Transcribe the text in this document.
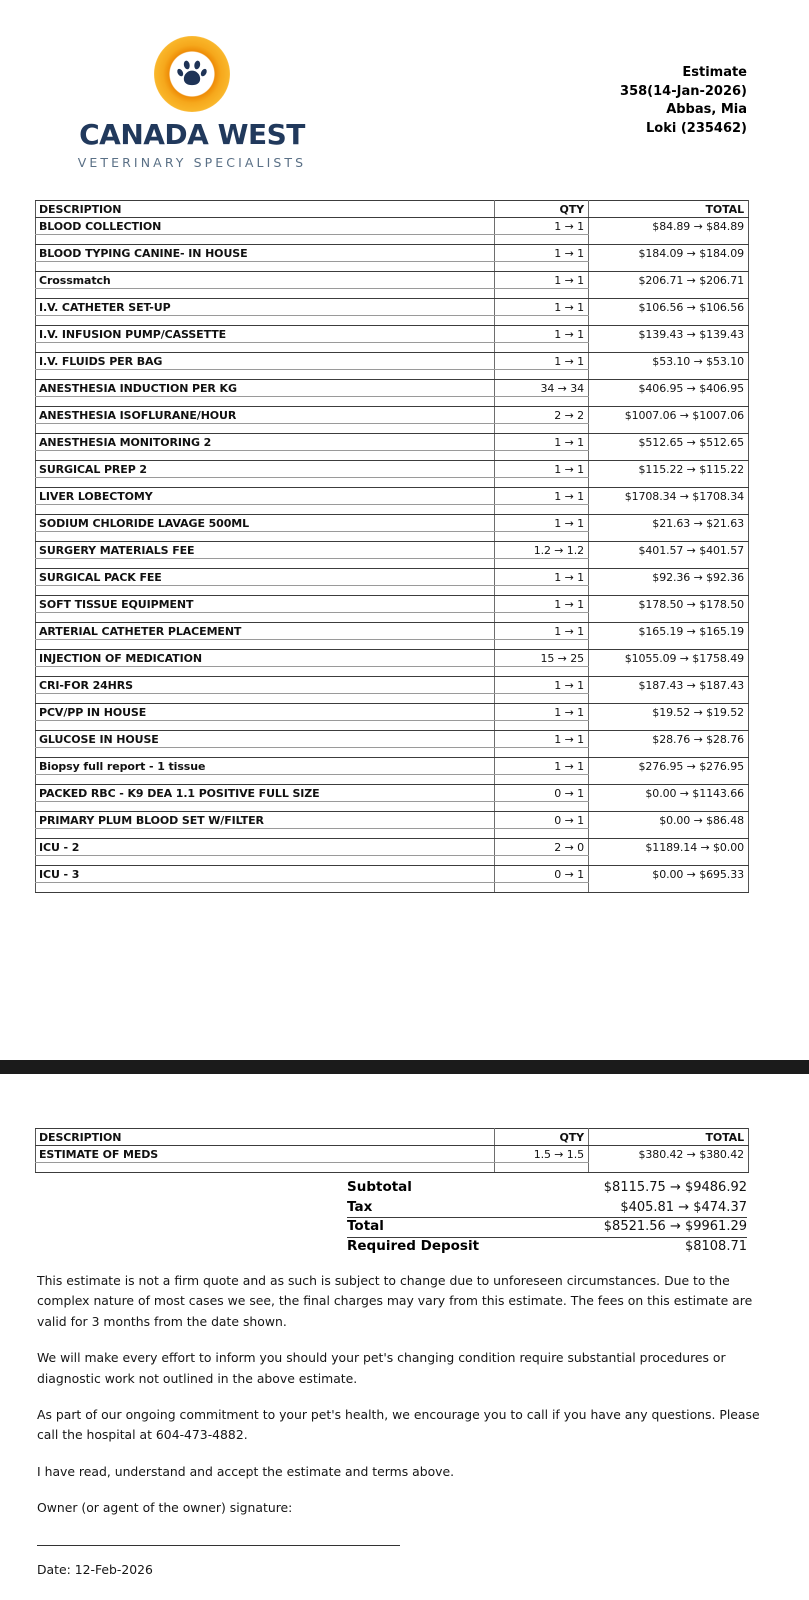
CANADA WEST
VETERINARY SPECIALISTS
Estimate
358(14-Jan-2026)
Abbas, Mia
Loki (235462)
DESCRIPTION	QTY	TOTAL
BLOOD COLLECTION	1 → 1	$84.89 → $84.89

BLOOD TYPING CANINE- IN HOUSE	1 → 1	$184.09 → $184.09

Crossmatch	1 → 1	$206.71 → $206.71

I.V. CATHETER SET-UP	1 → 1	$106.56 → $106.56

I.V. INFUSION PUMP/CASSETTE	1 → 1	$139.43 → $139.43

I.V. FLUIDS PER BAG	1 → 1	$53.10 → $53.10

ANESTHESIA INDUCTION PER KG	34 → 34	$406.95 → $406.95

ANESTHESIA ISOFLURANE/HOUR	2 → 2	$1007.06 → $1007.06

ANESTHESIA MONITORING 2	1 → 1	$512.65 → $512.65

SURGICAL PREP 2	1 → 1	$115.22 → $115.22

LIVER LOBECTOMY	1 → 1	$1708.34 → $1708.34

SODIUM CHLORIDE LAVAGE 500ML	1 → 1	$21.63 → $21.63

SURGERY MATERIALS FEE	1.2 → 1.2	$401.57 → $401.57

SURGICAL PACK FEE	1 → 1	$92.36 → $92.36

SOFT TISSUE EQUIPMENT	1 → 1	$178.50 → $178.50

ARTERIAL CATHETER PLACEMENT	1 → 1	$165.19 → $165.19

INJECTION OF MEDICATION	15 → 25	$1055.09 → $1758.49

CRI-FOR 24HRS	1 → 1	$187.43 → $187.43

PCV/PP IN HOUSE	1 → 1	$19.52 → $19.52

GLUCOSE IN HOUSE	1 → 1	$28.76 → $28.76

Biopsy full report - 1 tissue	1 → 1	$276.95 → $276.95

PACKED RBC - K9 DEA 1.1 POSITIVE FULL SIZE	0 → 1	$0.00 → $1143.66

PRIMARY PLUM BLOOD SET W/FILTER	0 → 1	$0.00 → $86.48

ICU - 2	2 → 0	$1189.14 → $0.00

ICU - 3	0 → 1	$0.00 → $695.33

DESCRIPTION	QTY	TOTAL
ESTIMATE OF MEDS	1.5 → 1.5	$380.42 → $380.42

Subtotal	$8115.75 → $9486.92
Tax	$405.81 → $474.37
Total	$8521.56 → $9961.29
Required Deposit	$8108.71

This estimate is not a firm quote and as such is subject to change due to unforeseen circumstances. Due to the complex nature of most cases we see, the final charges may vary from this estimate. The fees on this estimate are valid for 3 months from the date shown.

We will make every effort to inform you should your pet's changing condition require substantial procedures or diagnostic work not outlined in the above estimate.

As part of our ongoing commitment to your pet's health, we encourage you to call if you have any questions. Please call the hospital at 604-473-4882.

I have read, understand and accept the estimate and terms above.

Owner (or agent of the owner) signature:

Date: 12-Feb-2026
